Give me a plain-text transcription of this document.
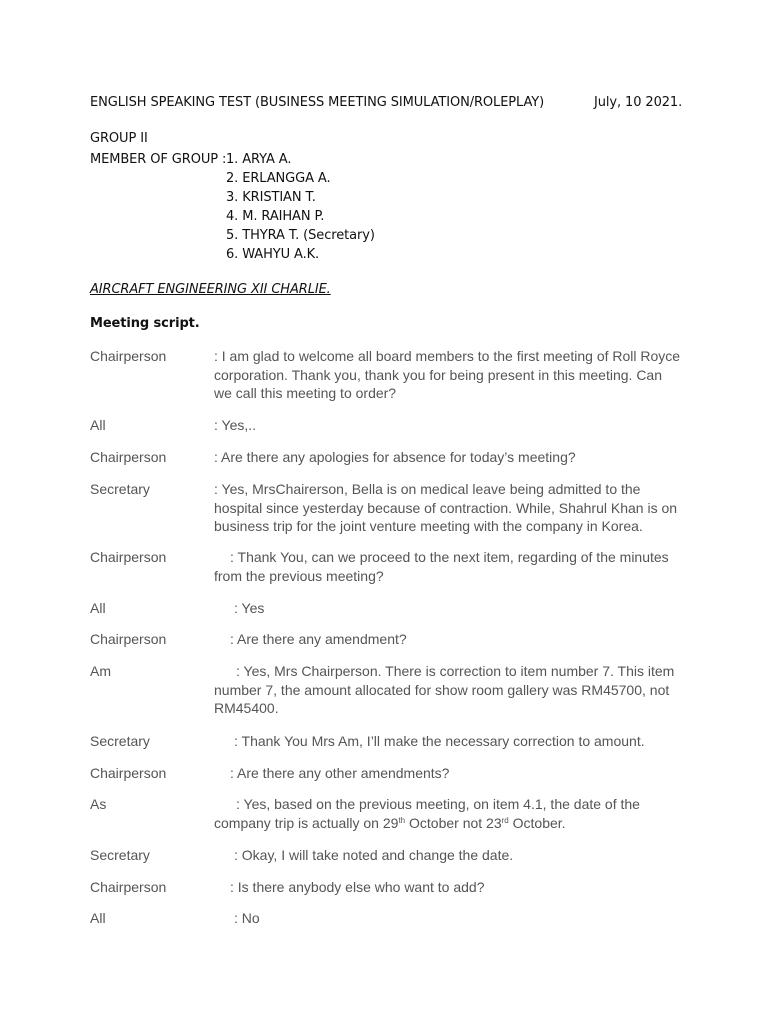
ENGLISH SPEAKING TEST (BUSINESS MEETING SIMULATION/ROLEPLAY)	July, 10 2021.
GROUP II
MEMBER OF GROUP : 1. ARYA A.
2. ERLANGGA A.
3. KRISTIAN T.
4. M. RAIHAN P.
5. THYRA T. (Secretary)
6. WAHYU A.K.
AIRCRAFT ENGINEERING XII CHARLIE.
Meeting script.
Chairperson	: I am glad to welcome all board members to the first meeting of Roll Royce corporation. Thank you, thank you for being present in this meeting. Can we call this meeting to order?
All	: Yes,..
Chairperson	: Are there any apologies for absence for today’s meeting?
Secretary	: Yes, MrsChairerson, Bella is on medical leave being admitted to the hospital since yesterday because of contraction. While, Shahrul Khan is on business trip for the joint venture meeting with the company in Korea.
Chairperson	: Thank You, can we proceed to the next item, regarding of the minutes from the previous meeting?
All	: Yes
Chairperson	: Are there any amendment?
Am	: Yes, Mrs Chairperson. There is correction to item number 7. This item number 7, the amount allocated for show room gallery was RM45700, not RM45400.
Secretary	: Thank You Mrs Am, I’ll make the necessary correction to amount.
Chairperson	: Are there any other amendments?
As	: Yes, based on the previous meeting, on item 4.1, the date of the company trip is actually on 29th October not 23rd October.
Secretary	: Okay, I will take noted and change the date.
Chairperson	: Is there anybody else who want to add?
All	: No
